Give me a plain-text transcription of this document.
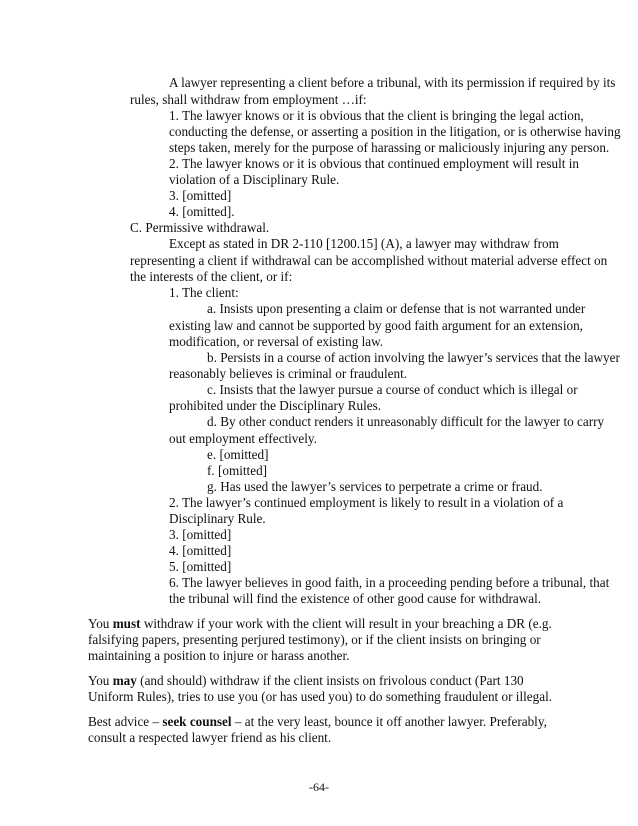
A lawyer representing a client before a tribunal, with its permission if required by its
rules, shall withdraw from employment …if:
1. The lawyer knows or it is obvious that the client is bringing the legal action,
conducting the defense, or asserting a position in the litigation, or is otherwise having
steps taken, merely for the purpose of harassing or maliciously injuring any person.
2. The lawyer knows or it is obvious that continued employment will result in
violation of a Disciplinary Rule.
3. [omitted]
4. [omitted].
C. Permissive withdrawal.
Except as stated in DR 2-110 [1200.15] (A), a lawyer may withdraw from
representing a client if withdrawal can be accomplished without material adverse effect on
the interests of the client, or if:
1. The client:
a. Insists upon presenting a claim or defense that is not warranted under
existing law and cannot be supported by good faith argument for an extension,
modification, or reversal of existing law.
b. Persists in a course of action involving the lawyer’s services that the lawyer
reasonably believes is criminal or fraudulent.
c. Insists that the lawyer pursue a course of conduct which is illegal or
prohibited under the Disciplinary Rules.
d. By other conduct renders it unreasonably difficult for the lawyer to carry
out employment effectively.
e. [omitted]
f. [omitted]
g. Has used the lawyer’s services to perpetrate a crime or fraud.
2. The lawyer’s continued employment is likely to result in a violation of a
Disciplinary Rule.
3. [omitted]
4. [omitted]
5. [omitted]
6. The lawyer believes in good faith, in a proceeding pending before a tribunal, that
the tribunal will find the existence of other good cause for withdrawal.
You must withdraw if your work with the client will result in your breaching a DR (e.g.
falsifying papers, presenting perjured testimony), or if the client insists on bringing or
maintaining a position to injure or harass another.
You may (and should) withdraw if the client insists on frivolous conduct (Part 130
Uniform Rules), tries to use you (or has used you) to do something fraudulent or illegal.
Best advice – seek counsel – at the very least, bounce it off another lawyer. Preferably,
consult a respected lawyer friend as his client.
-64-
